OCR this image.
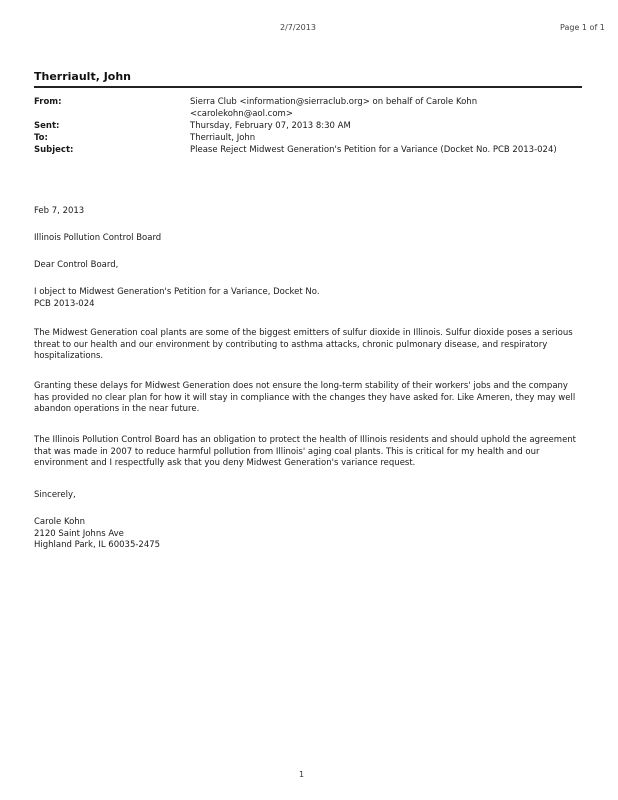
2/7/2013	Page 1 of 1
Therriault, John
From:	Sierra Club <information@sierraclub.org> on behalf of Carole Kohn
<carolekohn@aol.com>
Sent:	Thursday, February 07, 2013 8:30 AM
To:	Therriault, John
Subject:	Please Reject Midwest Generation's Petition for a Variance (Docket No. PCB 2013-024)
Feb 7, 2013
Illinois Pollution Control Board
Dear Control Board,

I object to Midwest Generation's Petition for a Variance, Docket No.

PCB 2013-024

The Midwest Generation coal plants are some of the biggest emitters of sulfur dioxide in Illinois. Sulfur dioxide poses a serious threat to our health and our environment by contributing to asthma attacks, chronic pulmonary disease, and respiratory hospitalizations.
Granting these delays for Midwest Generation does not ensure the long-term stability of their workers' jobs and the company has provided no clear plan for how it will stay in compliance with the changes they have asked for. Like Ameren, they may well abandon operations in the near future.
The Illinois Pollution Control Board has an obligation to protect the health of Illinois residents and should uphold the agreement that was made in 2007 to reduce harmful pollution from Illinois' aging coal plants. This is critical for my health and our environment and I respectfully ask that you deny Midwest Generation's variance request.
Sincerely,

Carole Kohn

2120 Saint Johns Ave

Highland Park, IL 60035-2475

1
